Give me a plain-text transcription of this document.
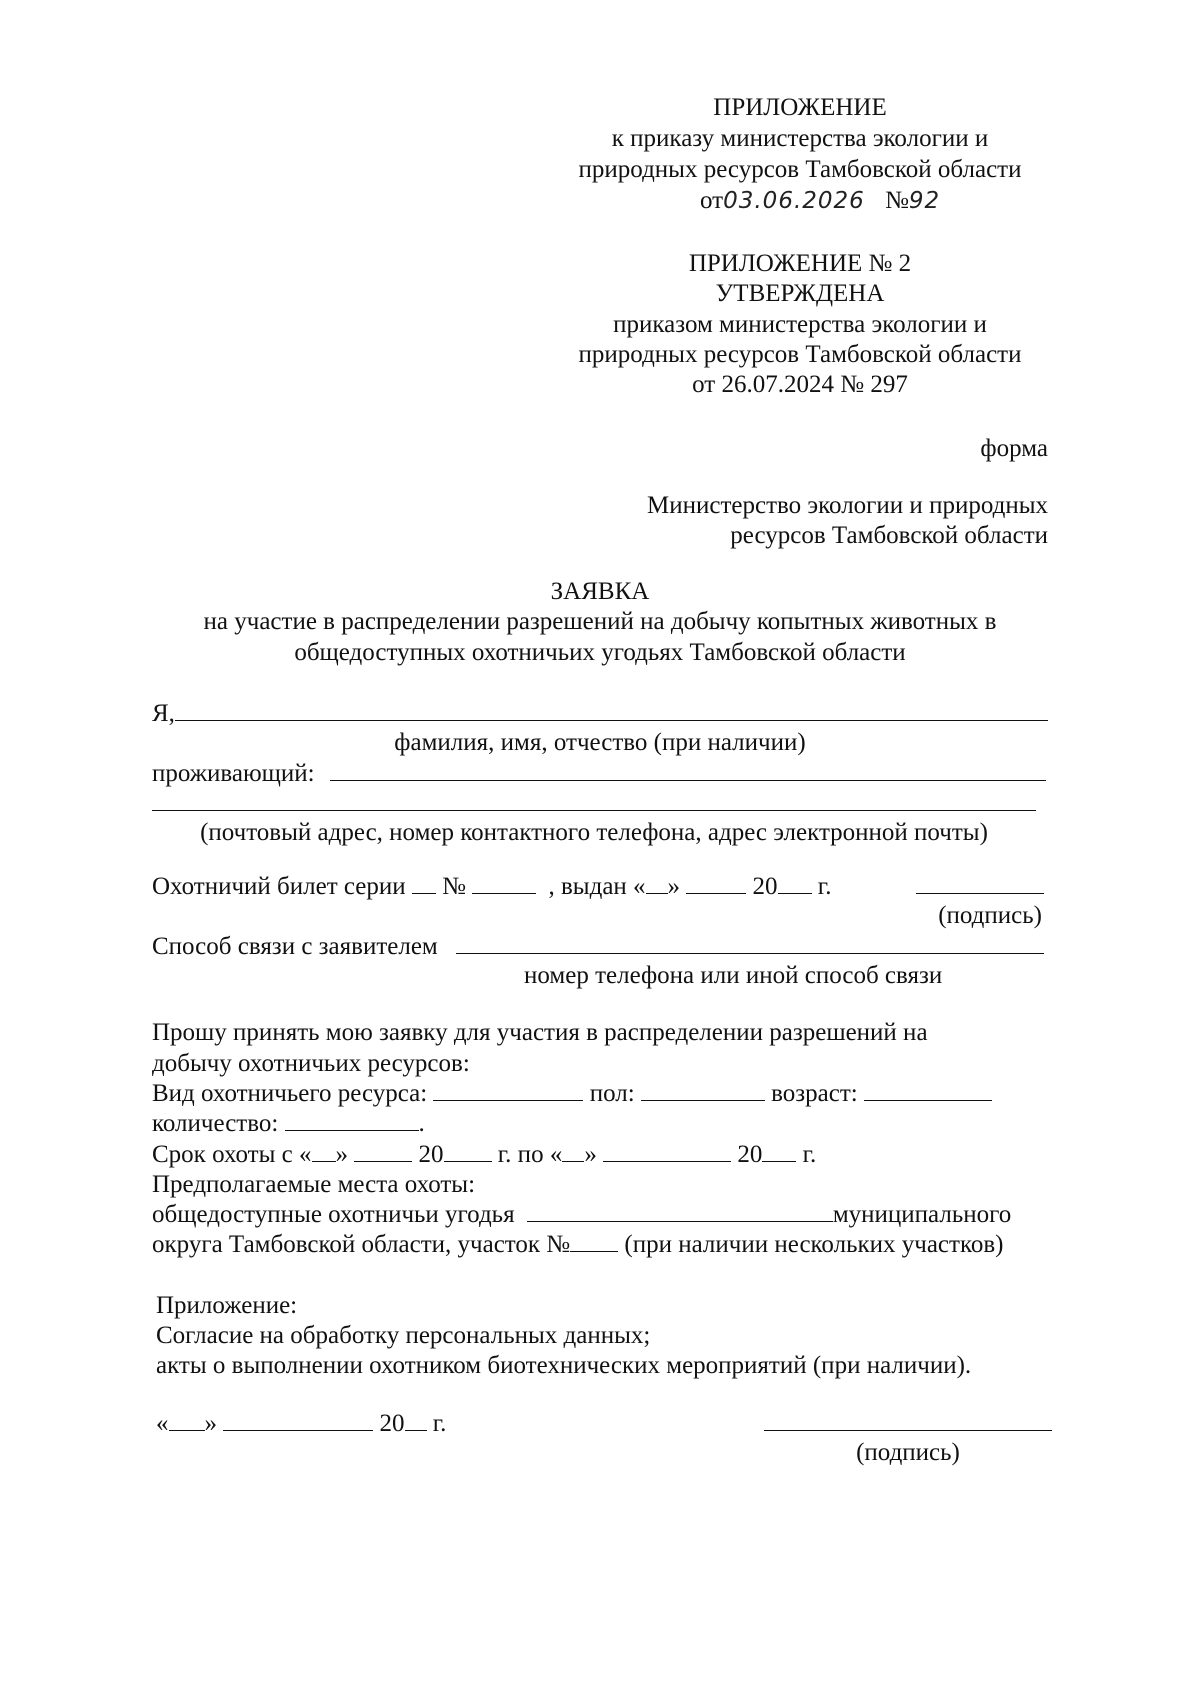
ПРИЛОЖЕНИЕ
к приказу министерства экологии и
природных ресурсов Тамбовской области
от03.06.2026 №92
ПРИЛОЖЕНИЕ № 2
УТВЕРЖДЕНА
приказом министерства экологии и
природных ресурсов Тамбовской области
от 26.07.2024 № 297
форма
Министерство экологии и природных
ресурсов Тамбовской области
ЗАЯВКА
на участие в распределении разрешений на добычу копытных животных в
общедоступных охотничьих угодьях Тамбовской области
Я,
фамилия, имя, отчество (при наличии)
проживающий:
(почтовый адрес, номер контактного телефона, адрес электронной почты)
Охотничий билет серии №	, выдан « »	20 г.
(подпись)
Способ связи с заявителем
номер телефона или иной способ связи
Прошу принять мою заявку для участия в распределении разрешений на
добычу охотничьих ресурсов:
Вид охотничьего ресурса:	пол:	возраст:
количество:	.
Срок охоты с « »	20 г. по « »	20 г.
Предполагаемые места охоты:
общедоступные охотничьи угодья	муниципального
округа Тамбовской области, участок № (при наличии нескольких участков)
Приложение:
Согласие на обработку персональных данных;
акты о выполнении охотником биотехнических мероприятий (при наличии).
« »	20 г.
(подпись)
